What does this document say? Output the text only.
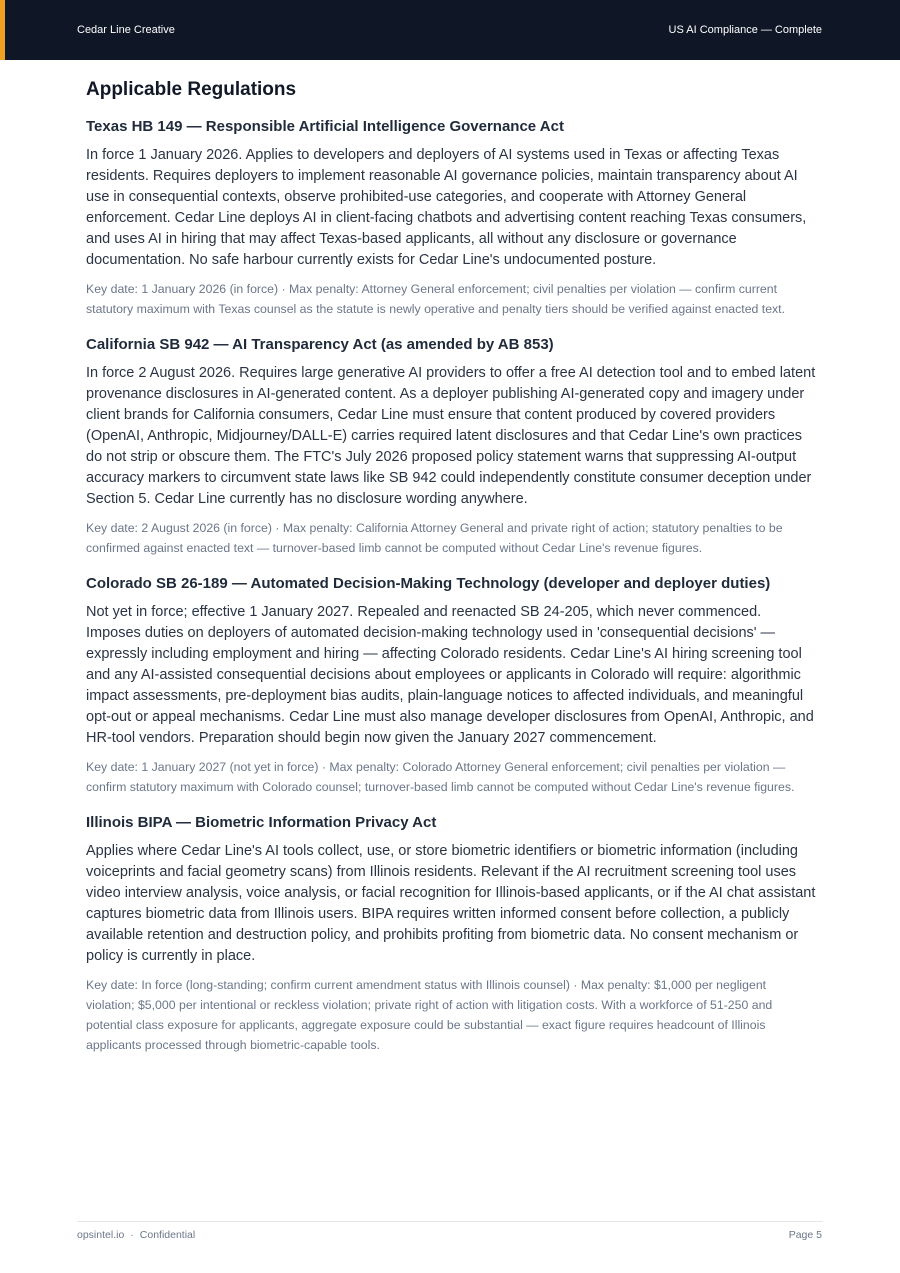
Cedar Line Creative	US AI Compliance — Complete
Applicable Regulations
Texas HB 149 — Responsible Artificial Intelligence Governance Act

In force 1 January 2026. Applies to developers and deployers of AI systems used in Texas or affecting Texas residents. Requires deployers to implement reasonable AI governance policies, maintain transparency about AI use in consequential contexts, observe prohibited-use categories, and cooperate with Attorney General enforcement. Cedar Line deploys AI in client-facing chatbots and advertising content reaching Texas consumers, and uses AI in hiring that may affect Texas-based applicants, all without any disclosure or governance documentation. No safe harbour currently exists for Cedar Line's undocumented posture.

Key date: 1 January 2026 (in force) · Max penalty: Attorney General enforcement; civil penalties per violation — confirm current statutory maximum with Texas counsel as the statute is newly operative and penalty tiers should be verified against enacted text.

California SB 942 — AI Transparency Act (as amended by AB 853)

In force 2 August 2026. Requires large generative AI providers to offer a free AI detection tool and to embed latent provenance disclosures in AI-generated content. As a deployer publishing AI-generated copy and imagery under client brands for California consumers, Cedar Line must ensure that content produced by covered providers (OpenAI, Anthropic, Midjourney/DALL-E) carries required latent disclosures and that Cedar Line's own practices do not strip or obscure them. The FTC's July 2026 proposed policy statement warns that suppressing AI-output accuracy markers to circumvent state laws like SB 942 could independently constitute consumer deception under Section 5. Cedar Line currently has no disclosure wording anywhere.

Key date: 2 August 2026 (in force) · Max penalty: California Attorney General and private right of action; statutory penalties to be confirmed against enacted text — turnover-based limb cannot be computed without Cedar Line's revenue figures.

Colorado SB 26-189 — Automated Decision-Making Technology (developer and deployer duties)

Not yet in force; effective 1 January 2027. Repealed and reenacted SB 24-205, which never commenced. Imposes duties on deployers of automated decision-making technology used in 'consequential decisions' — expressly including employment and hiring — affecting Colorado residents. Cedar Line's AI hiring screening tool and any AI-assisted consequential decisions about employees or applicants in Colorado will require: algorithmic impact assessments, pre-deployment bias audits, plain-language notices to affected individuals, and meaningful opt-out or appeal mechanisms. Cedar Line must also manage developer disclosures from OpenAI, Anthropic, and HR-tool vendors. Preparation should begin now given the January 2027 commencement.

Key date: 1 January 2027 (not yet in force) · Max penalty: Colorado Attorney General enforcement; civil penalties per violation — confirm statutory maximum with Colorado counsel; turnover-based limb cannot be computed without Cedar Line's revenue figures.

Illinois BIPA — Biometric Information Privacy Act

Applies where Cedar Line's AI tools collect, use, or store biometric identifiers or biometric information (including voiceprints and facial geometry scans) from Illinois residents. Relevant if the AI recruitment screening tool uses video interview analysis, voice analysis, or facial recognition for Illinois-based applicants, or if the AI chat assistant captures biometric data from Illinois users. BIPA requires written informed consent before collection, a publicly available retention and destruction policy, and prohibits profiting from biometric data. No consent mechanism or policy is currently in place.

Key date: In force (long-standing; confirm current amendment status with Illinois counsel) · Max penalty: $1,000 per negligent violation; $5,000 per intentional or reckless violation; private right of action with litigation costs. With a workforce of 51-250 and potential class exposure for applicants, aggregate exposure could be substantial — exact figure requires headcount of Illinois applicants processed through biometric-capable tools.

opsintel.io · Confidential	Page 5
